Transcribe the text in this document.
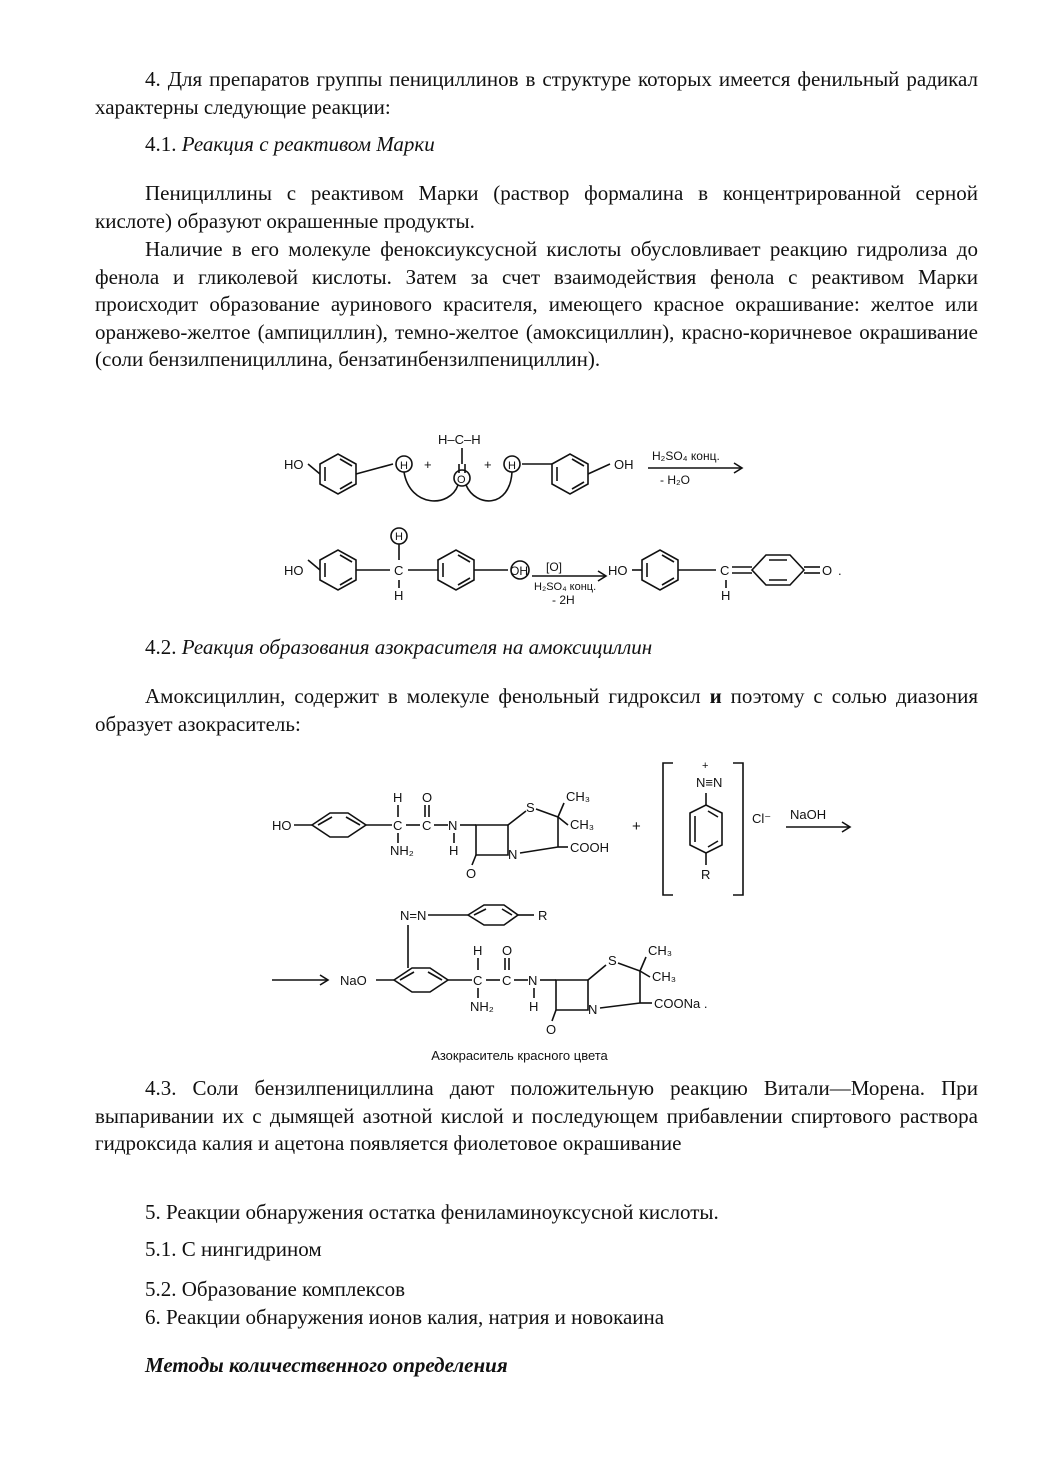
4. Для препаратов группы пенициллинов в структуре которых имеется фенильный радикал характерны следующие реакции:

4.1. Реакция с реактивом Марки

Пенициллины с реактивом Марки (раствор формалина в концентрированной серной кислоте) образуют окрашенные продукты.

Наличие в его молекуле феноксиуксусной кислоты обусловливает реакцию гидролиза до фенола и гликолевой кислоты. Затем за счет взаимодействия фенола с реактивом Марки происходит образование ауринового красителя, имеющего красное окрашивание: желтое или оранжево-желтое (ампициллин), темно-желтое (амоксициллин), красно-коричневое окрашивание (соли бензилпенициллина, бензатинбензилпенициллин).

HO	H +
H–C–H
O
+ H	OH
H₂SO₄ конц.
- H₂O
HO
H
C
H
OH [O]
H₂SO₄ конц.
- 2H
HO	C
H
O .

4.2. Реакция образования азокрасителя на амоксициллин

Амоксициллин, содержит в молекуле фенольный гидроксил и поэтому с солью диазония образует азокраситель:

HO
H
C
NH₂
O
C N
H
O
N
S
CH₃
CH₃
COOH
+
+
N≡N
R
Cl⁻ NaOH
N=N	R
NaO
H
C
NH₂
O
C N
H
O
N
S
CH₃
CH₃
COONa .
Азокраситель красного цвета

4.3. Соли бензилпенициллина дают положительную реакцию Витали—Морена. При выпаривании их с дымящей азотной кислой и последующем прибавлении спиртового раствора гидроксида калия и ацетона появляется фиолетовое окрашивание

5. Реакции обнаружения остатка фениламиноуксусной кислоты.

5.1. С нингидрином

5.2. Образование комплексов

6. Реакции обнаружения ионов калия, натрия и новокаина

Методы количественного определения
